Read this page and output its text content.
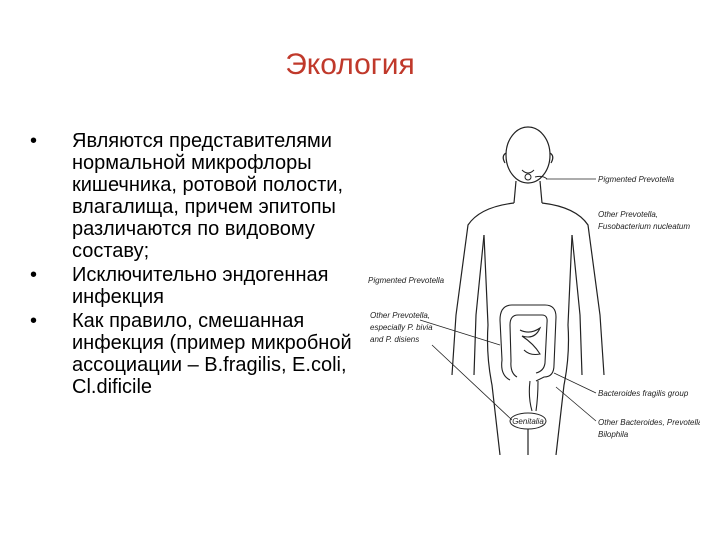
Экология
• Являются представителями нормальной микрофлоры кишечника, ротовой полости, влагалища, причем эпитопы различаются по видовому составу;
• Исключительно эндогенная инфекция
• Как правило, смешанная инфекция (пример микробной ассоциации – B.fragilis, E.coli, Cl.dificile
Genitalia
Pigmented Prevotella
Other Prevotella,
Fusobacterium nucleatum
Pigmented Prevotella
Other Prevotella,
especially P. bivia
and P. disiens
Bacteroides fragilis group
Other Bacteroides, Prevotella,
Bilophila
